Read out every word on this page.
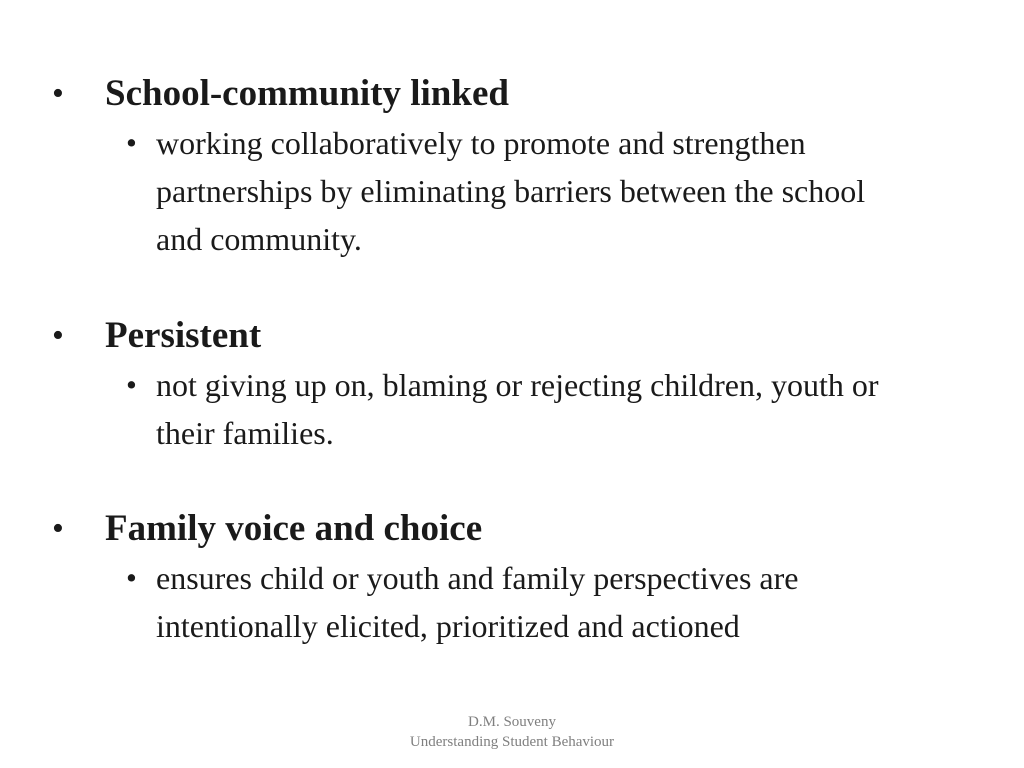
• School-community linked
• working collaboratively to promote and strengthen partnerships by eliminating barriers between the school and community.
• Persistent
• not giving up on, blaming or rejecting children, youth or their families.
• Family voice and choice
• ensures child or youth and family perspectives are intentionally elicited, prioritized and actioned
D.M. Souveny
Understanding Student Behaviour
